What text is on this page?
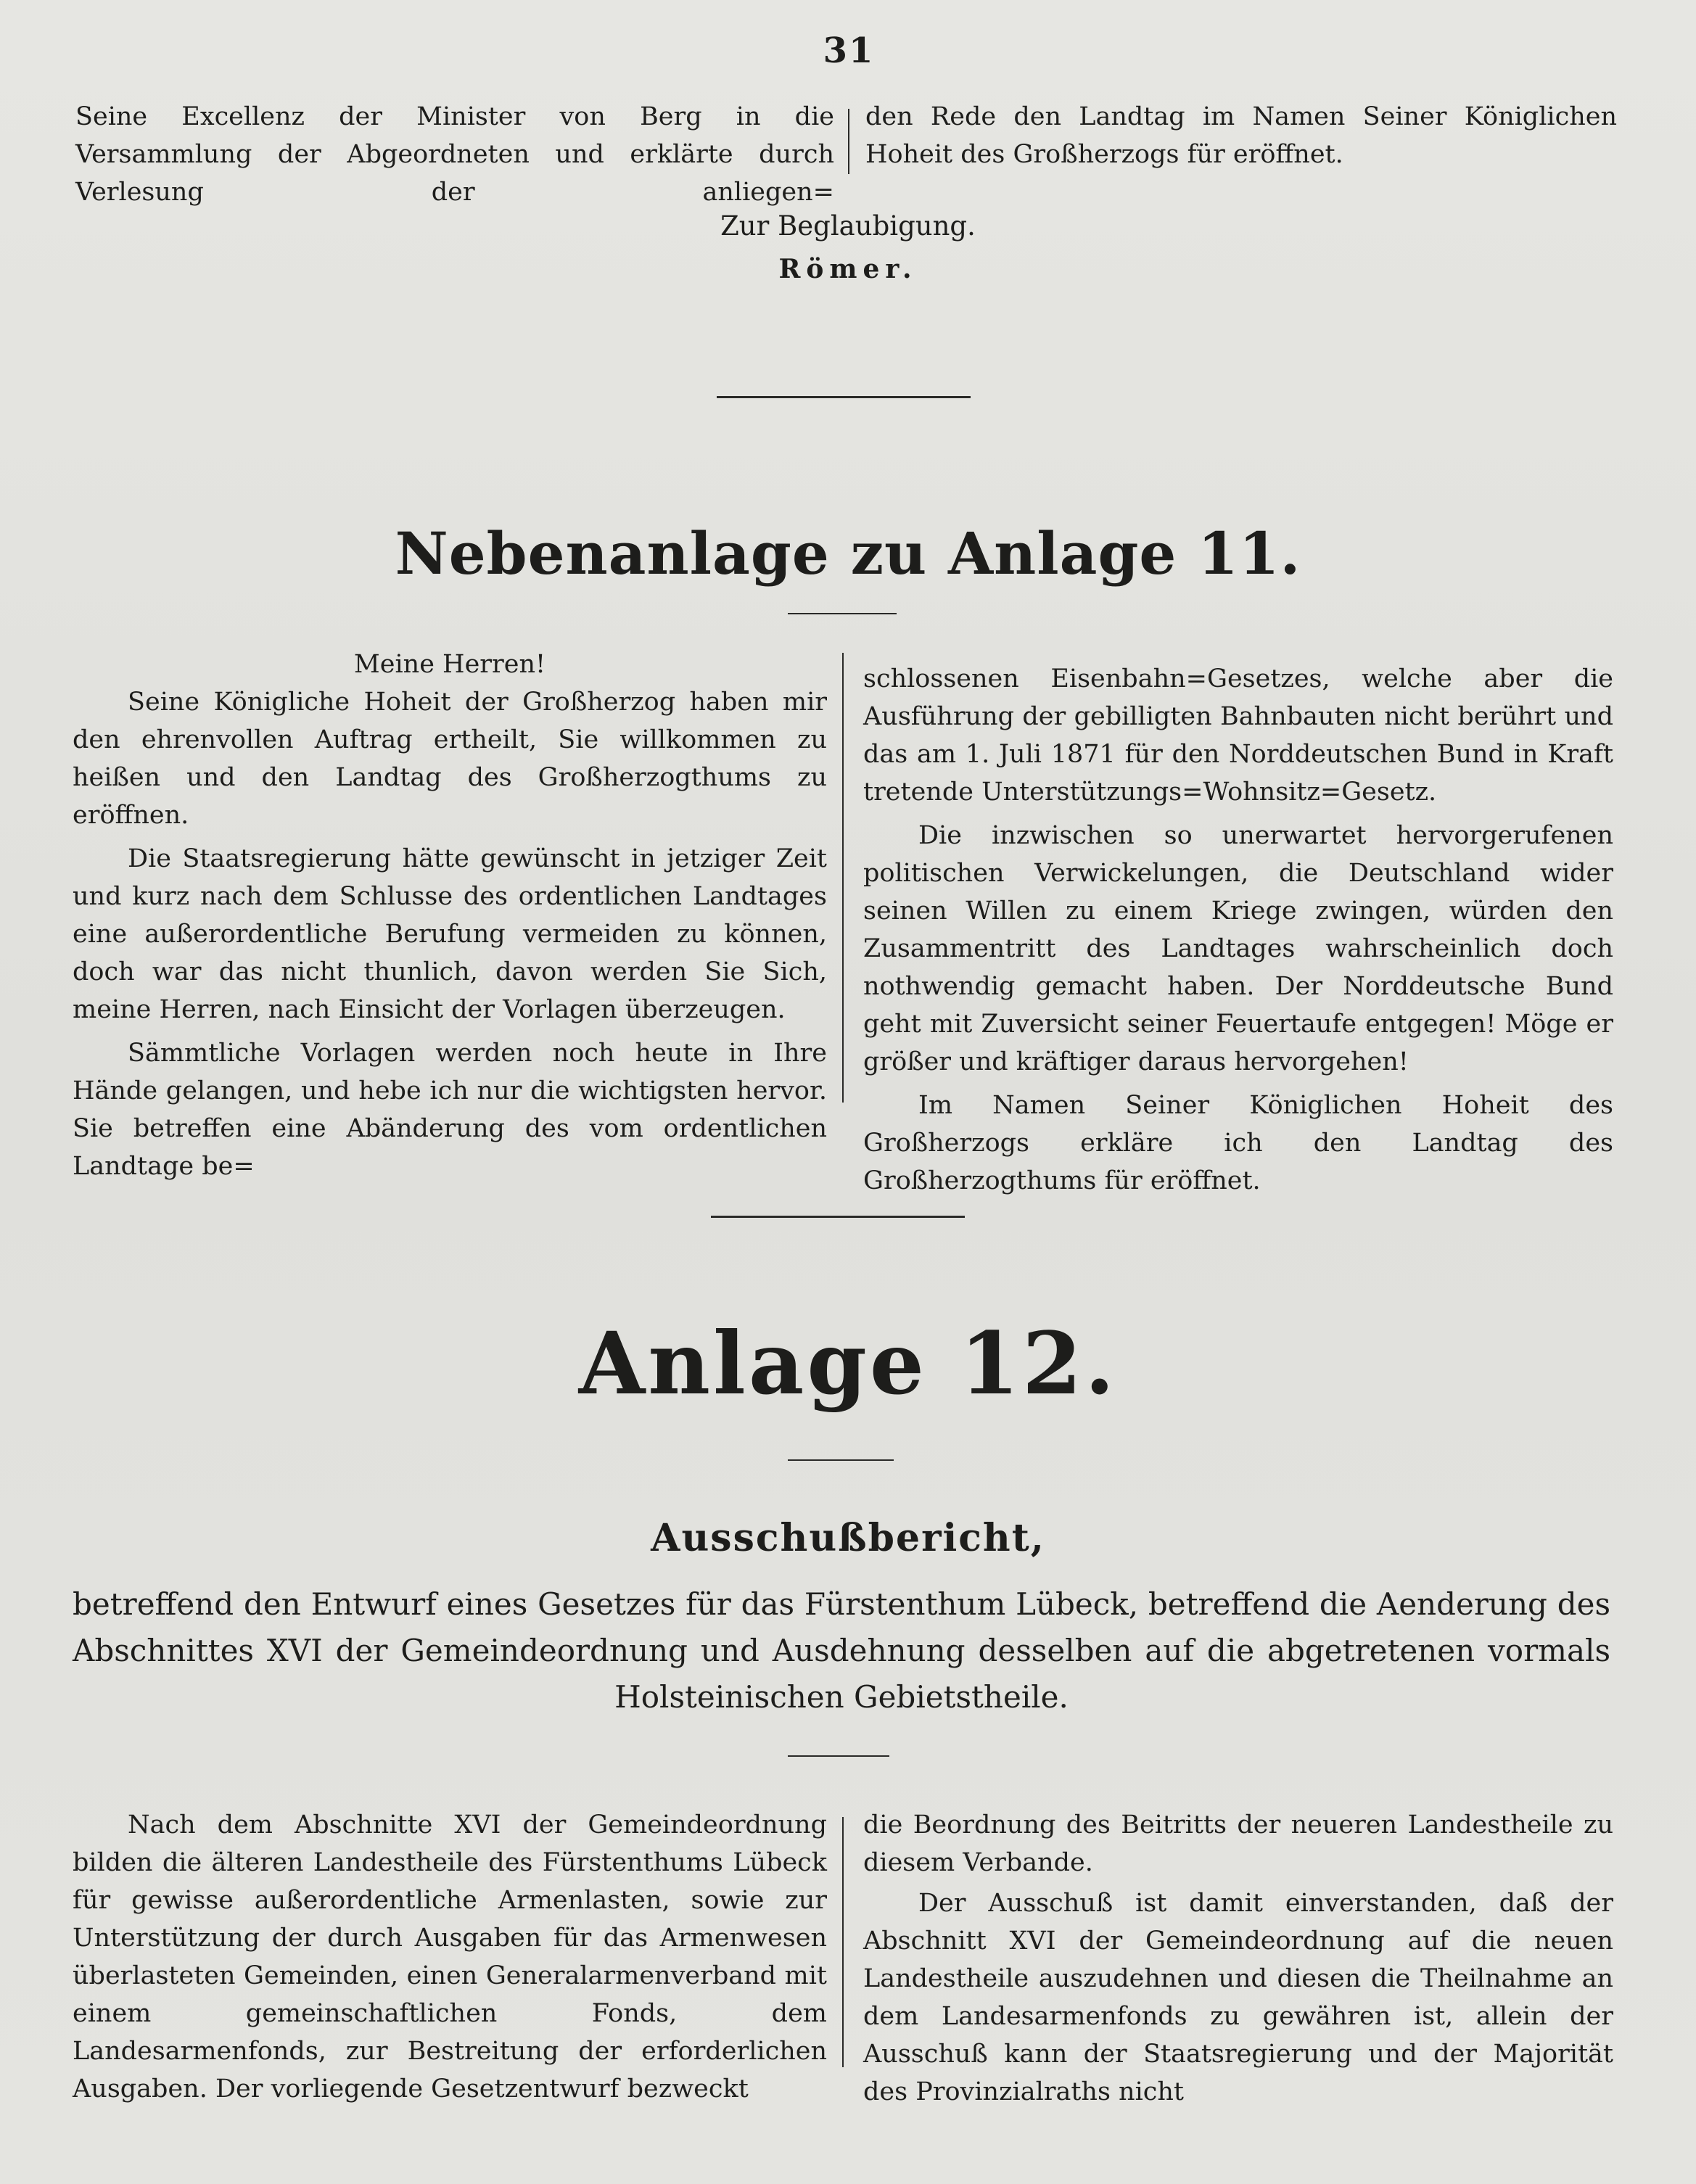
31

Seine Excellenz der Minister von Berg in die Versammlung der Abgeordneten und erklärte durch Verlesung der anliegen=

den Rede den Landtag im Namen Seiner Königlichen Hoheit des Großherzogs für eröffnet.

Zur Beglaubigung.
Römer.
Nebenanlage zu Anlage 11.

Meine Herren!

Seine Königliche Hoheit der Großherzog haben mir den ehrenvollen Auftrag ertheilt, Sie willkommen zu heißen und den Landtag des Großherzogthums zu eröffnen.

Die Staatsregierung hätte gewünscht in jetziger Zeit und kurz nach dem Schlusse des ordentlichen Landtages eine außerordentliche Berufung vermeiden zu können, doch war das nicht thunlich, davon werden Sie Sich, meine Herren, nach Einsicht der Vorlagen überzeugen.

Sämmtliche Vorlagen werden noch heute in Ihre Hände gelangen, und hebe ich nur die wichtigsten hervor. Sie betreffen eine Abänderung des vom ordentlichen Landtage be=

schlossenen Eisenbahn=Gesetzes, welche aber die Ausführung der gebilligten Bahnbauten nicht berührt und das am 1. Juli 1871 für den Norddeutschen Bund in Kraft tretende Unterstützungs=Wohnsitz=Gesetz.

Die inzwischen so unerwartet hervorgerufenen politischen Verwickelungen, die Deutschland wider seinen Willen zu einem Kriege zwingen, würden den Zusammentritt des Landtages wahrscheinlich doch nothwendig gemacht haben. Der Norddeutsche Bund geht mit Zuversicht seiner Feuertaufe entgegen! Möge er größer und kräftiger daraus hervorgehen!

Im Namen Seiner Königlichen Hoheit des Großherzogs erkläre ich den Landtag des Großherzogthums für eröffnet.

Anlage 12.
Ausschußbericht,
betreffend den Entwurf eines Gesetzes für das Fürstenthum Lübeck, betreffend die Aenderung des Abschnittes XVI der Gemeindeordnung und Ausdehnung desselben auf die abgetretenen vormals Holsteinischen Gebietstheile.

Nach dem Abschnitte XVI der Gemeindeordnung bilden die älteren Landestheile des Fürstenthums Lübeck für gewisse außerordentliche Armenlasten, sowie zur Unterstützung der durch Ausgaben für das Armenwesen überlasteten Gemeinden, einen Generalarmenverband mit einem gemeinschaftlichen Fonds, dem Landesarmenfonds, zur Bestreitung der erforderlichen Ausgaben. Der vorliegende Gesetzentwurf bezweckt

die Beordnung des Beitritts der neueren Landestheile zu diesem Verbande.

Der Ausschuß ist damit einverstanden, daß der Abschnitt XVI der Gemeindeordnung auf die neuen Landestheile auszudehnen und diesen die Theilnahme an dem Landesarmenfonds zu gewähren ist, allein der Ausschuß kann der Staatsregierung und der Majorität des Provinzialraths nicht
